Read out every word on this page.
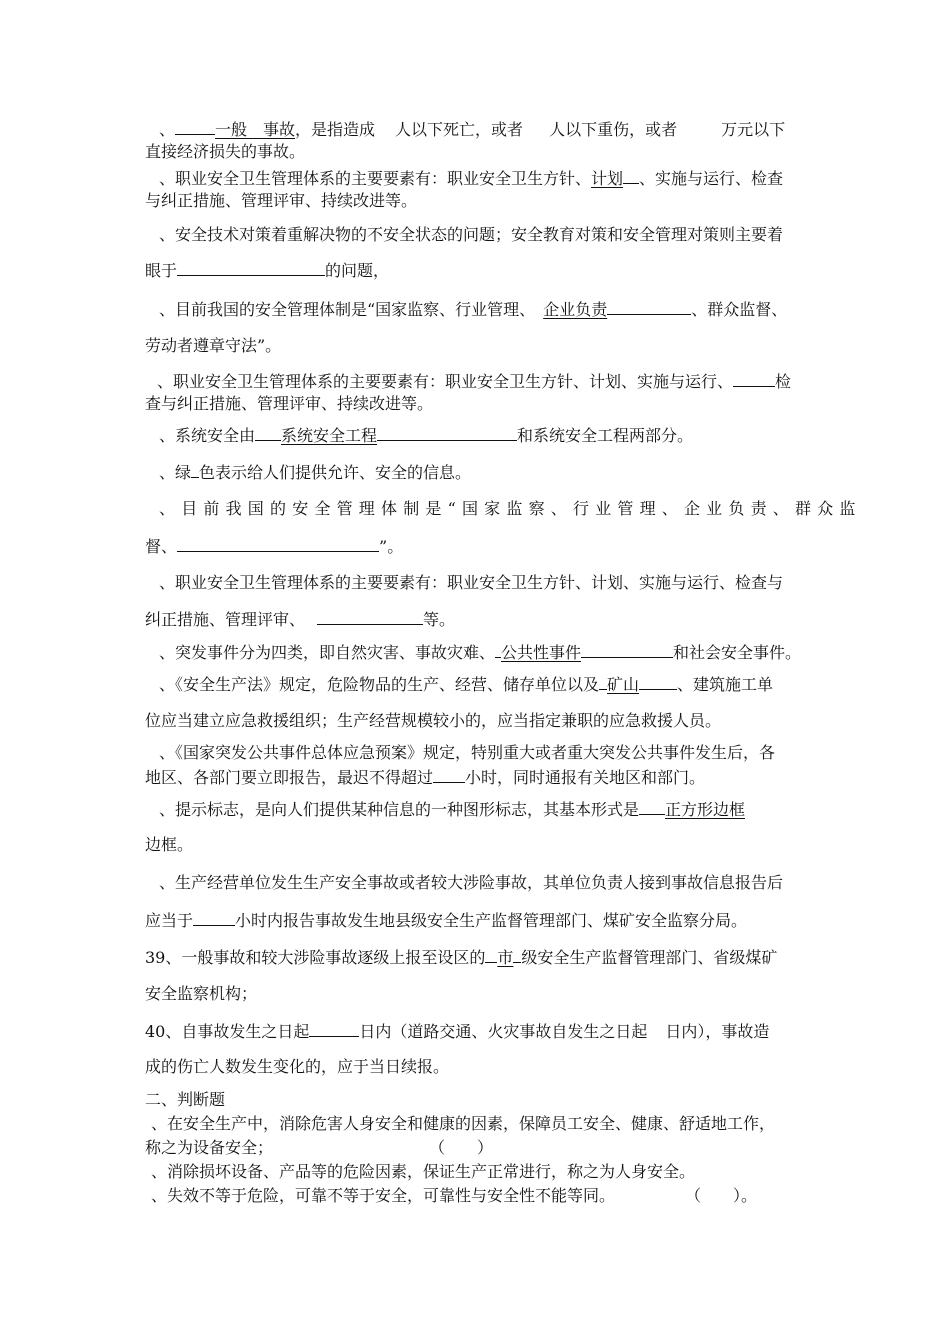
、	一般　事故，是指造成 人以下死亡，或者 人以下重伤，或者	万元以下
直接经济损失的事故。
、职业安全卫生管理体系的主要要素有：职业安全卫生方针、计划 、实施与运行、检查
与纠正措施、管理评审、持续改进等。
、安全技术对策着重解决物的不安全状态的问题；安全教育对策和安全管理对策则主要着
眼于	的问题，
、目前我国的安全管理体制是“国家监察、行业管理、 企业负责	、群众监督、
劳动者遵章守法”。
、职业安全卫生管理体系的主要要素有：职业安全卫生方针、计划、实施与运行、	检
查与纠正措施、管理评审、持续改进等。
、系统安全由 系统安全工程	和系统安全工程两部分。
、绿 色表示给人们提供允许、安全的信息。
、目前我国的安全管理体制是“国家监察、行业管理、企业负责、群众监
督、	”。
、职业安全卫生管理体系的主要要素有：职业安全卫生方针、计划、实施与运行、检查与
纠正措施、管理评审、	等。
、突发事件分为四类，即自然灾害、事故灾难、 公共性事件	和社会安全事件。
、《安全生产法》规定，危险物品的生产、经营、储存单位以及 矿山 、建筑施工单
位应当建立应急救援组织；生产经营规模较小的，应当指定兼职的应急救援人员。
、《国家突发公共事件总体应急预案》规定，特别重大或者重大突发公共事件发生后，各
地区、各部门要立即报告，最迟不得超过 小时，同时通报有关地区和部门。
、提示标志，是向人们提供某种信息的一种图形标志，其基本形式是 正方形边框
边框。
、生产经营单位发生生产安全事故或者较大涉险事故，其单位负责人接到事故信息报告后
应当于	小时内报告事故发生地县级安全生产监督管理部门、煤矿安全监察分局。
39、一般事故和较大涉险事故逐级上报至设区的 市 级安全生产监督管理部门、省级煤矿
安全监察机构；
40、自事故发生之日起	日内（道路交通、火灾事故自发生之日起 日内），事故造
成的伤亡人数发生变化的，应于当日续报。
二、判断题
、在安全生产中，消除危害人身安全和健康的因素，保障员工安全、健康、舒适地工作，
称之为设备安全；	（　　）
、消除损坏设备、产品等的危险因素，保证生产正常进行，称之为人身安全。
、失效不等于危险，可靠不等于安全，可靠性与安全性不能等同。	（　　）。
